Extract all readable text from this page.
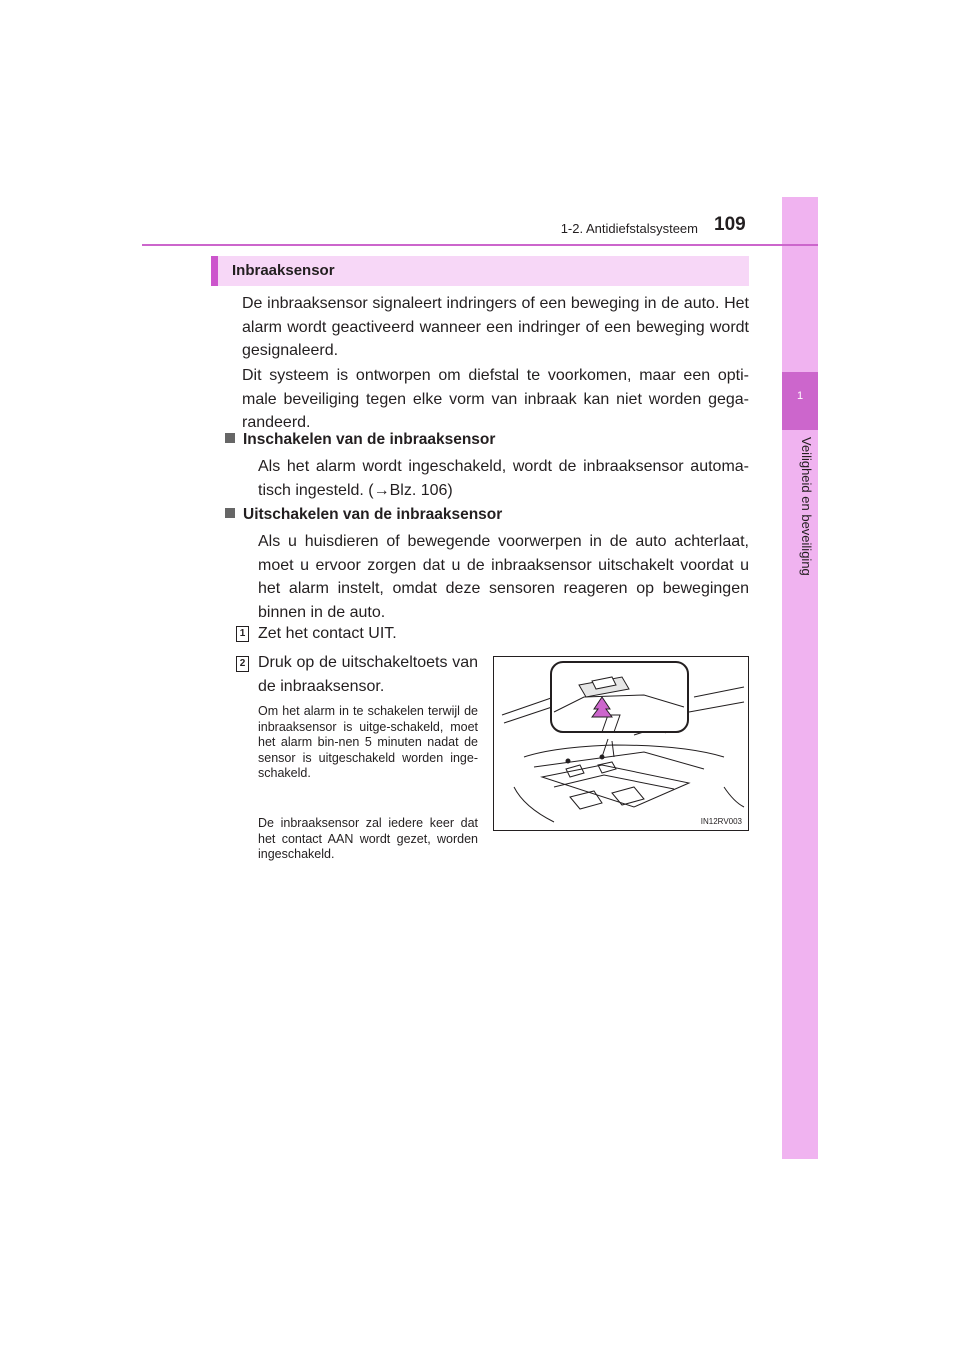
1
Veiligheid en beveiliging
1-2. Antidiefstalsysteem 109
Inbraaksensor

De inbraaksensor signaleert indringers of een beweging in de auto. Het alarm wordt geactiveerd wanneer een indringer of een beweging wordt gesignaleerd.

Dit systeem is ontworpen om diefstal te voorkomen, maar een opti-male beveiliging tegen elke vorm van inbraak kan niet worden gega-randeerd.

Inschakelen van de inbraaksensor

Als het alarm wordt ingeschakeld, wordt de inbraaksensor automa-tisch ingesteld. (→Blz. 106)

Uitschakelen van de inbraaksensor

Als u huisdieren of bewegende voorwerpen in de auto achterlaat, moet u ervoor zorgen dat u de inbraaksensor uitschakelt voordat u het alarm instelt, omdat deze sensoren reageren op bewegingen binnen in de auto.

1 Zet het contact UIT.

2 Druk op de uitschakeltoets van de inbraaksensor.

Om het alarm in te schakelen terwijl de inbraaksensor is uitge-schakeld, moet het alarm bin-nen 5 minuten nadat de sensor is uitgeschakeld worden inge-schakeld.

De inbraaksensor zal iedere keer dat het contact AAN wordt gezet, worden ingeschakeld.

IN12RV003
